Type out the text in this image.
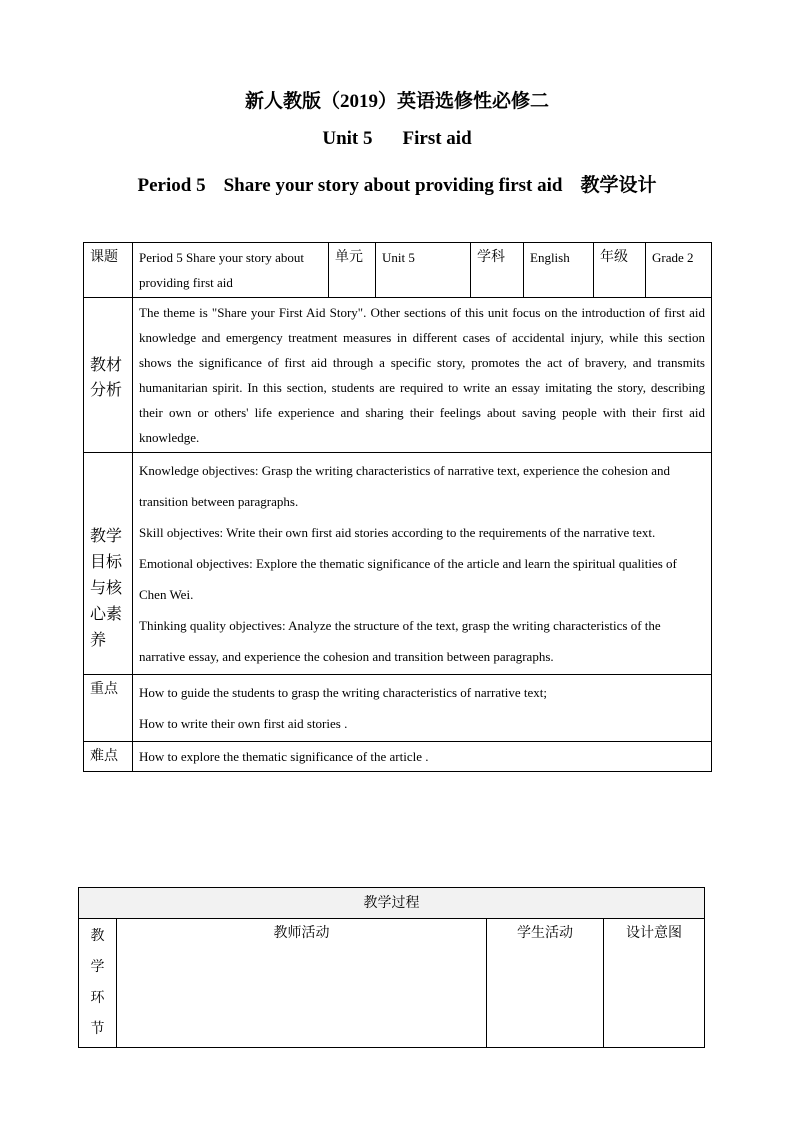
新人教版（2019）英语选修性必修二
Unit 5 First aid
Period 5 Share your story about providing first aid 教学设计
课题	Period 5 Share your story about providing first aid	单元	Unit 5	学科	English	年级	Grade 2
教材分析	The theme is "Share your First Aid Story". Other sections of this unit focus on the introduction of first aid knowledge and emergency treatment measures in different cases of accidental injury, while this section shows the significance of first aid through a specific story, promotes the act of bravery, and transmits humanitarian spirit. In this section, students are required to write an essay imitating the story, describing their own or others' life experience and sharing their feelings about saving people with their first aid knowledge.						

教学目标与核心素养	Knowledge objectives: Grasp the writing characteristics of narrative text, experience the cohesion and transition between paragraphs.
Skill objectives: Write their own first aid stories according to the requirements of the narrative text.
Emotional objectives: Explore the thematic significance of the article and learn the spiritual qualities of Chen Wei.
Thinking quality objectives: Analyze the structure of the text, grasp the writing characteristics of the narrative essay, and experience the cohesion and transition between paragraphs.						

重点	How to guide the students to grasp the writing characteristics of narrative text;
How to write their own first aid stories .						

难点	How to explore the thematic significance of the article .						
教学过程
教学环节	教师活动	学生活动	设计意图
